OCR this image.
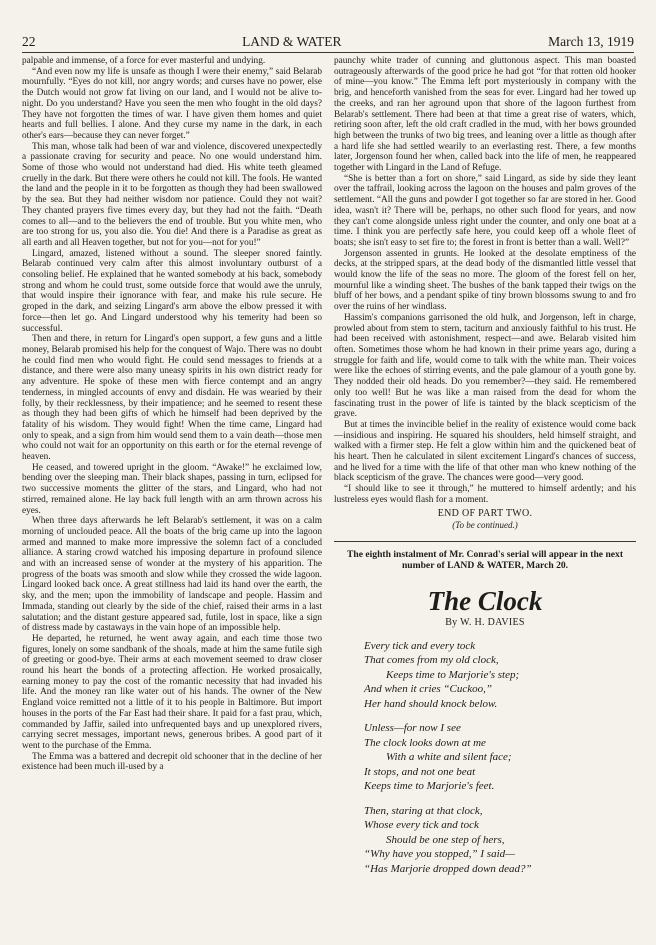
22	LAND & WATER	March 13, 1919

palpable and immense, of a force for ever masterful and undying.

“And even now my life is unsafe as though I were their enemy,” said Belarab mournfully. “Eyes do not kill, nor angry words; and curses have no power, else the Dutch would not grow fat living on our land, and I would not be alive to-night. Do you understand? Have you seen the men who fought in the old days? They have not forgotten the times of war. I have given them homes and quiet hearts and full bellies. I alone. And they curse my name in the dark, in each other's ears—because they can never forget.”

This man, whose talk had been of war and violence, discovered unexpectedly a passionate craving for security and peace. No one would understand him. Some of those who would not understand had died. His white teeth gleamed cruelly in the dark. But there were others he could not kill. The fools. He wanted the land and the people in it to be forgotten as though they had been swallowed by the sea. But they had neither wisdom nor patience. Could they not wait? They chanted prayers five times every day, but they had not the faith. “Death comes to all—and to the believers the end of trouble. But you white men, who are too strong for us, you also die. You die! And there is a Paradise as great as all earth and all Heaven together, but not for you—not for you!”

Lingard, amazed, listened without a sound. The sleeper snored faintly. Belarab continued very calm after this almost involuntary outburst of a consoling belief. He explained that he wanted somebody at his back, somebody strong and whom he could trust, some outside force that would awe the unruly, that would inspire their ignorance with fear, and make his rule secure. He groped in the dark, and seizing Lingard's arm above the elbow pressed it with force—then let go. And Lingard understood why his temerity had been so successful.

Then and there, in return for Lingard's open support, a few guns and a little money, Belarab promised his help for the conquest of Wajo. There was no doubt he could find men who would fight. He could send messages to friends at a distance, and there were also many uneasy spirits in his own district ready for any adventure. He spoke of these men with fierce contempt and an angry tenderness, in mingled accounts of envy and disdain. He was wearied by their folly, by their recklessness, by their impatience; and he seemed to resent these as though they had been gifts of which he himself had been deprived by the fatality of his wisdom. They would fight! When the time came, Lingard had only to speak, and a sign from him would send them to a vain death—those men who could not wait for an opportunity on this earth or for the eternal revenge of heaven.

He ceased, and towered upright in the gloom. “Awake!” he exclaimed low, bending over the sleeping man. Their black shapes, passing in turn, eclipsed for two successive moments the glitter of the stars, and Lingard, who had not stirred, remained alone. He lay back full length with an arm thrown across his eyes.

When three days afterwards he left Belarab's settlement, it was on a calm morning of unclouded peace. All the boats of the brig came up into the lagoon armed and manned to make more impressive the solemn fact of a concluded alliance. A staring crowd watched his imposing departure in profound silence and with an increased sense of wonder at the mystery of his apparition. The progress of the boats was smooth and slow while they crossed the wide lagoon. Lingard looked back once. A great stillness had laid its hand over the earth, the sky, and the men; upon the immobility of landscape and people. Hassim and Immada, standing out clearly by the side of the chief, raised their arms in a last salutation; and the distant gesture appeared sad, futile, lost in space, like a sign of distress made by castaways in the vain hope of an impossible help.

He departed, he returned, he went away again, and each time those two figures, lonely on some sandbank of the shoals, made at him the same futile sigh of greeting or good-bye. Their arms at each movement seemed to draw closer round his heart the bonds of a protecting affection. He worked prosaically, earning money to pay the cost of the romantic necessity that had invaded his life. And the money ran like water out of his hands. The owner of the New England voice remitted not a little of it to his people in Baltimore. But import houses in the ports of the Far East had their share. It paid for a fast prau, which, commanded by Jaffir, sailed into unfrequented bays and up unexplored rivers, carrying secret messages, important news, generous bribes. A good part of it went to the purchase of the Emma.

The Emma was a battered and decrepit old schooner that in the decline of her existence had been much ill-used by a

paunchy white trader of cunning and gluttonous aspect. This man boasted outrageously afterwards of the good price he had got “for that rotten old hooker of mine—you know.” The Emma left port mysteriously in company with the brig, and henceforth vanished from the seas for ever. Lingard had her towed up the creeks, and ran her aground upon that shore of the lagoon furthest from Belarab's settlement. There had been at that time a great rise of waters, which, retiring soon after, left the old craft cradled in the mud, with her bows grounded high between the trunks of two big trees, and leaning over a little as though after a hard life she had settled wearily to an everlasting rest. There, a few months later, Jorgenson found her when, called back into the life of men, he reappeared together with Lingard in the Land of Refuge.

“She is better than a fort on shore,” said Lingard, as side by side they leant over the taffrail, looking across the lagoon on the houses and palm groves of the settlement. “All the guns and powder I got together so far are stored in her. Good idea, wasn't it? There will be, perhaps, no other such flood for years, and now they can't come alongside unless right under the counter, and only one boat at a time. I think you are perfectly safe here, you could keep off a whole fleet of boats; she isn't easy to set fire to; the forest in front is better than a wall. Well?”

Jorgenson assented in grunts. He looked at the desolate emptiness of the decks, at the stripped spars, at the dead body of the dismantled little vessel that would know the life of the seas no more. The gloom of the forest fell on her, mournful like a winding sheet. The bushes of the bank tapped their twigs on the bluff of her bows, and a pendant spike of tiny brown blossoms swung to and fro over the ruins of her windlass.

Hassim's companions garrisoned the old hulk, and Jorgenson, left in charge, prowled about from stem to stern, taciturn and anxiously faithful to his trust. He had been received with astonishment, respect—and awe. Belarab visited him often. Sometimes those whom he had known in their prime years ago, during a struggle for faith and life, would come to talk with the white man. Their voices were like the echoes of stirring events, and the pale glamour of a youth gone by. They nodded their old heads. Do you remember?—they said. He remembered only too well! But he was like a man raised from the dead for whom the fascinating trust in the power of life is tainted by the black scepticism of the grave.

But at times the invincible belief in the reality of existence would come back—insidious and inspiring. He squared his shoulders, held himself straight, and walked with a firmer step. He felt a glow within him and the quickened beat of his heart. Then he calculated in silent excitement Lingard's chances of success, and he lived for a time with the life of that other man who knew nothing of the black scepticism of the grave. The chances were good—very good.

“I should like to see it through,” he muttered to himself ardently; and his lustreless eyes would flash for a moment.

END OF PART TWO.
(To be continued.)
The eighth instalment of Mr. Conrad's serial will appear in the next number of LAND & WATER, March 20.
The Clock
By W. H. DAVIES
Every tick and every tock
That comes from my old clock,
Keeps time to Marjorie's step;
And when it cries “Cuckoo,”
Her hand should knock below.
Unless—for now I see
The clock looks down at me
With a white and silent face;
It stops, and not one beat
Keeps time to Marjorie's feet.
Then, staring at that clock,
Whose every tick and tock
Should be one step of hers,
“Why have you stopped,” I said—
“Has Marjorie dropped down dead?”
